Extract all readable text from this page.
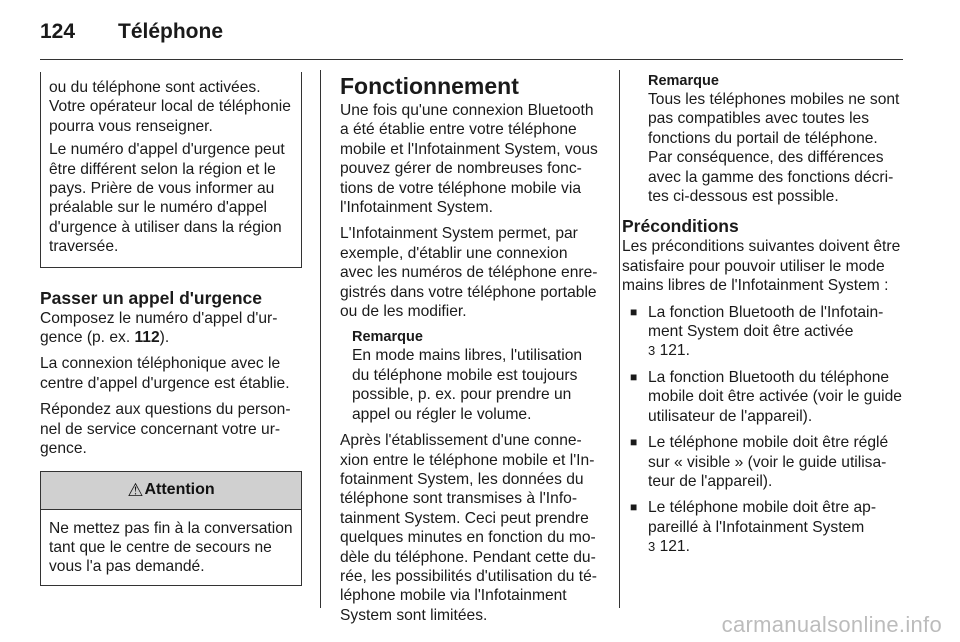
124 Téléphone

ou du téléphone sont activées. Votre opérateur local de téléphonie pourra vous renseigner.

Le numéro d'appel d'urgence peut être différent selon la région et le pays. Prière de vous informer au préalable sur le numéro d'appel d'urgence à utiliser dans la région traversée.

Passer un appel d'urgence

Composez le numéro d'appel d'urgence (p. ex. 112).

La connexion téléphonique avec le centre d'appel d'urgence est établie.

Répondez aux questions du personnel de service concernant votre urgence.

⚠ Attention

Ne mettez pas fin à la conversation tant que le centre de secours ne vous l'a pas demandé.

Fonctionnement

Une fois qu'une connexion Bluetooth a été établie entre votre téléphone mobile et l'Infotainment System, vous pouvez gérer de nombreuses fonctions de votre téléphone mobile via l'Infotainment System.

L'Infotainment System permet, par exemple, d'établir une connexion avec les numéros de téléphone enregistrés dans votre téléphone portable ou de les modifier.

Remarque

En mode mains libres, l'utilisation du téléphone mobile est toujours possible, p. ex. pour prendre un appel ou régler le volume.

Après l'établissement d'une connexion entre le téléphone mobile et l'Infotainment System, les données du téléphone sont transmises à l'Infotainment System. Ceci peut prendre quelques minutes en fonction du modèle du téléphone. Pendant cette durée, les possibilités d'utilisation du téléphone mobile via l'Infotainment System sont limitées.

Remarque

Tous les téléphones mobiles ne sont pas compatibles avec toutes les fonctions du portail de téléphone. Par conséquence, des différences avec la gamme des fonctions décrites ci-dessous est possible.

Préconditions

Les préconditions suivantes doivent être satisfaire pour pouvoir utiliser le mode mains libres de l'Infotainment System :

■ La fonction Bluetooth de l'Infotainment System doit être activée
3 121.
■ La fonction Bluetooth du téléphone mobile doit être activée (voir le guide utilisateur de l'appareil).
■ Le téléphone mobile doit être réglé sur « visible » (voir le guide utilisateur de l'appareil).
■ Le téléphone mobile doit être appareillé à l'Infotainment System
3 121.
carmanualsonline.info
